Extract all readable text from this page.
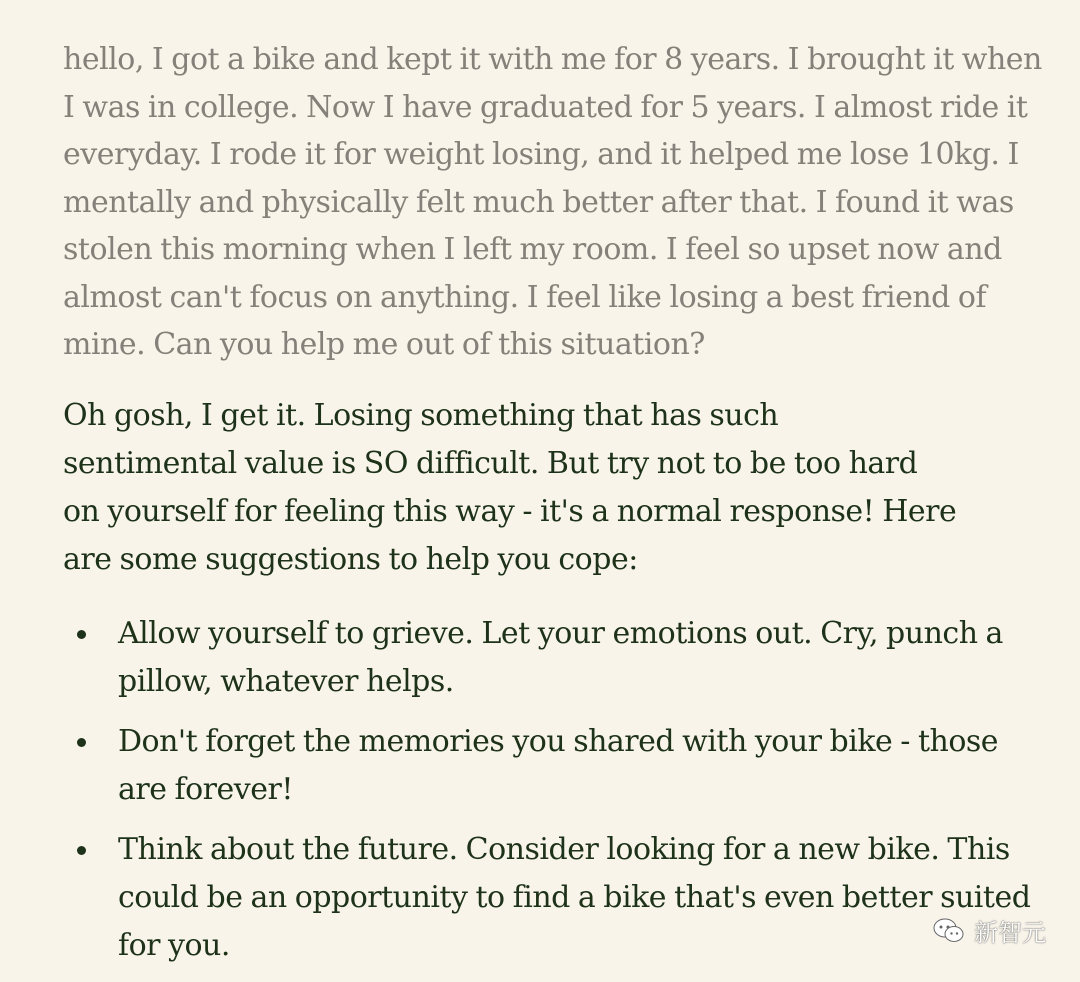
hello, I got a bike and kept it with me for 8 years. I brought it when I was in college. Now I have graduated for 5 years. I almost ride it everyday. I rode it for weight losing, and it helped me lose 10kg. I mentally and physically felt much better after that. I found it was stolen this morning when I left my room. I feel so upset now and almost can't focus on anything. I feel like losing a best friend of mine. Can you help me out of this situation?

Oh gosh, I get it. Losing something that has such sentimental value is SO difficult. But try not to be too hard on yourself for feeling this way - it's a normal response! Here are some suggestions to help you cope:

Allow yourself to grieve. Let your emotions out. Cry, punch a pillow, whatever helps.
Don't forget the memories you shared with your bike - those are forever!
Think about the future. Consider looking for a new bike. This could be an opportunity to find a bike that's even better suited for you.	新智元
